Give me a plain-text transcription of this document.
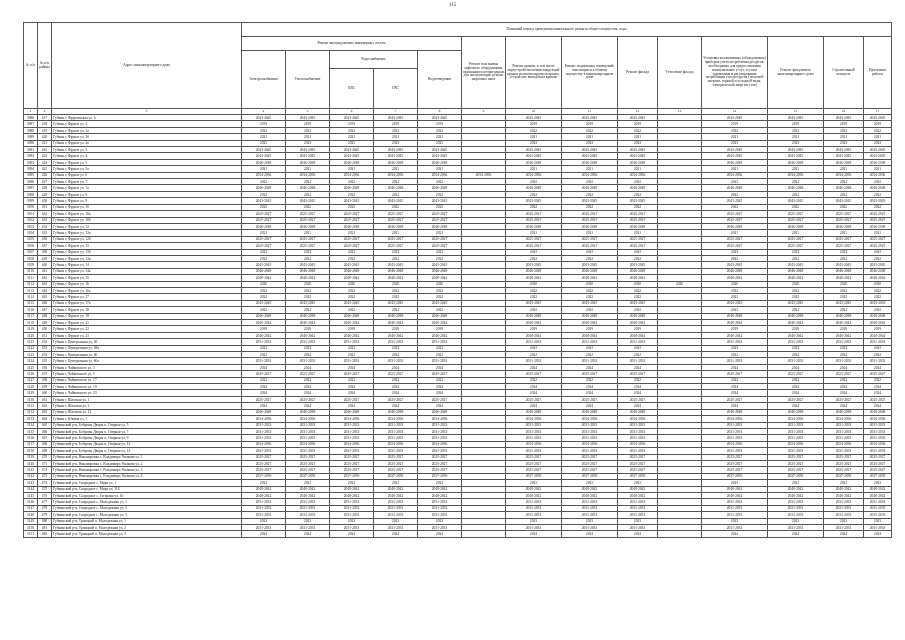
115
№ п/п	№ п/п района	Адрес многоквартирного дома	Плановый период проведения капитального ремонта общего имущества, годы													
			Ремонт внутридомовых инженерных систем					Ремонт или замена лифтового оборудования, признанного непригодным для эксплуатации, ремонт лифтовых шахт	Ремонт крыши, в том числе переустройство невентилируемой крыши на вентилируемую крышу, устройство выходов на кровлю	Ремонт подвальных помещений, относящихся к общему имуществу в многоквартирном доме	Ремонт фасада	Утепление фасада	Установка коллективных (общедомовых) приборов учета потребления ресурсов, необходимых для предоставления коммунальных услуг, и узлов управления и регулирования потребления этих ресурсов (тепловой энергии, горячей и холодной воды, электрической энергии, газа)	Ремонт фундамента многоквартирного дома	Строительный контроль	Проектные работы
			Электроснабжение	Теплоснабжение	Водоснабжение		Водоотведение									
					ХВС	ГВС										
1	2	3	4	5	6	7	8	9	10	11	12	13	14	15	16	17
3086	417	Губкин г, Фрунзенская ул, 6	2043-2045	2043-2045	2043-2045	2043-2045	2043-2045		2043-2045	2043-2045	2043-2045		2043-2045	2043-2045	2043-2045	2043-2045
3087	418	Губкин г, Фрунзе ул, 2	2019	2019	2019	2019	2019		2019	2019	2019		2019	2019	2019	2019
3088	419	Губкин г, Фрунзе ул, 2а	2022	2022	2022	2022	2022		2022	2022	2022		2022	2022	2022	2022
3089	420	Губкин г, Фрунзе ул, 2б	2021	2021	2021	2021	2021		2021	2021	2021		2021	2021	2021	2021
3090	421	Губкин г, Фрунзе ул, 2в	2023	2023	2023	2023	2023		2023	2023	2023		2023	2023	2023	2023
3091	422	Губкин г, Фрунзе ул, 3	2043-2045	2043-2045	2043-2045	2043-2045	2043-2045		2043-2045	2043-2045	2043-2045		2043-2045	2043-2045	2043-2045	2043-2045
3092	423	Губкин г, Фрунзе ул, 4	2043-2045	2043-2045	2043-2045	2043-2045	2043-2045		2043-2045	2043-2045	2043-2045		2043-2045	2043-2045	2043-2045	2043-2045
3093	424	Губкин г, Фрунзе ул, 5	2046-2048	2046-2048	2046-2048	2046-2048	2046-2048		2046-2048	2046-2048	2046-2048		2046-2048	2046-2048	2046-2048	2046-2048
3094	425	Губкин г, Фрунзе ул, 5а	2021	2021	2021	2021	2021		2021	2021	2021		2021	2021	2021	2021
3095	426	Губкин г, Фрунзе ул, 6	2034-2036	2034-2036	2034-2036	2034-2036	2034-2036	2034-2036	2034-2036	2034-2036	2034-2036		2034-2036	2034-2036	2034-2036	2034-2036
3096	427	Губкин г, Фрунзе ул, 7	2022	2022	2022	2022	2022		2022	2022	2022		2022	2022	2022	2022
3097	428	Губкин г, Фрунзе ул, 7а	2046-2048	2046-2048	2046-2048	2046-2048	2046-2048		2046-2048	2046-2048	2046-2048		2046-2048	2046-2048	2046-2048	2046-2048
3098	429	Губкин г, Фрунзе ул, 8	2022	2022	2022	2022	2022		2022	2022	2022		2022	2022	2022	2022
3099	430	Губкин г, Фрунзе ул, 9	2043-2045	2043-2045	2043-2045	2043-2045	2043-2045		2043-2045	2043-2045	2043-2045		2043-2045	2043-2045	2043-2045	2043-2045
3100	431	Губкин г, Фрунзе ул, 10	2022	2022	2022	2022	2022		2022	2022	2022		2022	2022	2022	2022
3101	432	Губкин г, Фрунзе ул, 10а	2025-2027	2025-2027	2025-2027	2025-2027	2025-2027		2025-2027	2025-2027	2025-2027		2025-2027	2025-2027	2025-2027	2025-2027
3102	433	Губкин г, Фрунзе ул, 10б	2025-2027	2025-2027	2025-2027	2025-2027	2025-2027		2025-2027	2025-2027	2025-2027		2025-2027	2025-2027	2025-2027	2025-2027
3103	434	Губкин г, Фрунзе ул, 12	2046-2048	2046-2048	2046-2048	2046-2048	2046-2048		2046-2048	2046-2048	2046-2048		2046-2048	2046-2048	2046-2048	2046-2048
3104	435	Губкин г, Фрунзе ул, 12а	2021	2021	2021	2021	2021		2021	2021	2021		2021	2021	2021	2021
3105	436	Губкин г, Фрунзе ул, 12б	2025-2027	2025-2027	2025-2027	2025-2027	2025-2027		2025-2027	2025-2027	2025-2027		2025-2027	2025-2027	2025-2027	2025-2027
3106	437	Губкин г, Фрунзе ул, 13	2025-2027	2025-2027	2025-2027	2025-2027	2025-2027		2025-2027	2025-2027	2025-2027		2025-2027	2025-2027	2025-2027	2025-2027
3107	438	Губкин г, Фрунзе ул, 13б	2023	2023	2023	2023	2023		2023	2023	2023		2023	2023	2023	2023
3108	439	Губкин г, Фрунзе ул, 13в	2022	2022	2022	2022	2022		2022	2022	2022		2022	2022	2022	2022
3109	440	Губкин г, Фрунзе ул, 14	2043-2045	2043-2045	2043-2045	2043-2045	2043-2045		2043-2045	2043-2045	2043-2045		2043-2045	2043-2045	2043-2045	2043-2045
3110	441	Губкин г, Фрунзе ул, 14а	2046-2048	2046-2048	2046-2048	2046-2048	2046-2048		2046-2048	2046-2048	2046-2048		2046-2048	2046-2048	2046-2048	2046-2048
3111	442	Губкин г, Фрунзе ул, 15	2040-2042	2040-2042	2040-2042	2040-2042	2040-2042		2040-2042	2040-2042	2040-2042		2040-2042	2040-2042	2040-2042	2040-2042
3112	443	Губкин г, Фрунзе ул, 16	2020	2020	2020	2020	2020		2020	2020	2020	2020	2020	2020	2020	2020
3113	444	Губкин г, Фрунзе ул, 16а	2022	2022	2022	2022	2022		2022	2022	2022		2022	2022	2022	2022
3114	445	Губкин г, Фрунзе ул, 17	2022	2022	2022	2022	2022		2022	2022	2022		2022	2022	2022	2022
3115	446	Губкин г, Фрунзе ул, 17а	2043-2045	2043-2045	2043-2045	2043-2045	2043-2045		2043-2045	2043-2045	2043-2045		2043-2045	2043-2045	2043-2045	2043-2045
3116	447	Губкин г, Фрунзе ул, 18	2022	2022	2022	2022	2022		2022	2022	2022		2022	2022	2022	2022
3117	448	Губкин г, Фрунзе ул, 19	2046-2048	2046-2048	2046-2048	2046-2048	2046-2048		2046-2048	2046-2048	2046-2048		2046-2048	2046-2048	2046-2048	2046-2048
3118	449	Губкин г, Фрунзе ул, 21	2040-2042	2040-2042	2040-2042	2040-2042	2040-2042		2040-2042	2040-2042	2040-2042		2040-2042	2040-2042	2040-2042	2040-2042
3119	450	Губкин г, Фрунзе ул, 22	2019	2019	2019	2019	2019		2019	2019	2019		2019	2019	2019	2019
3120	451	Губкин г, Фрунзе ул, 23	2040-2042	2040-2042	2040-2042	2040-2042	2040-2042		2040-2042	2040-2042	2040-2042		2040-2042	2040-2042	2040-2042	2040-2042
3121	452	Губкин г, Центральная ул, 56	2031-2033	2031-2033	2031-2033	2031-2033	2031-2033		2031-2033	2031-2033	2031-2033		2031-2033	2031-2033	2031-2033	2031-2033
3122	453	Губкин г, Центральная ул, 58а	2023	2023	2023	2023	2023		2023	2023	2023		2023	2023	2023	2023
3123	454	Губкин г, Центральная ул, 60	2022	2022	2022	2022	2022		2022	2022	2022		2022	2022	2022	2022
3124	455	Губкин г, Центральная ул, 60а	2031-2033	2031-2033	2031-2033	2031-2033	2031-2033		2031-2033	2031-2033	2031-2033		2031-2033	2031-2033	2031-2033	2031-2033
3125	456	Губкин г, Чайковского ул, 3	2024	2024	2024	2024	2024		2024	2024	2024		2024	2024	2024	2024
3126	457	Губкин г, Чайковского ул, 5	2025-2027	2025-2027	2025-2027	2025-2027	2025-2027		2025-2027	2025-2027	2025-2027		2025-2027	2025-2027	2025-2027	2025-2027
3127	458	Губкин г, Чайковского ул, 17	2022	2022	2022	2022	2022		2022	2022	2022		2022	2022	2022	2022
3128	459	Губкин г, Чайковского ул, 19	2024	2024	2024	2024	2024		2024	2024	2024		2024	2024	2024	2024
3129	460	Губкин г, Чайковского ул, 23	2024	2024	2024	2024	2024		2024	2024	2024		2024	2024	2024	2024
3130	461	Губкин г, Шахтная ул, 1	2025-2027	2025-2027	2025-2027	2025-2027	2025-2027		2025-2027	2025-2027	2025-2027		2025-2027	2025-2027	2025-2027	2025-2027
3131	462	Губкин г, Шахтная ул, 2	2024	2024	2024	2024	2024		2024	2024	2024		2024	2024	2024	2024
3132	463	Губкин г, Шахтная ул, 12	2046-2048	2046-2048	2046-2048	2046-2048	2046-2048		2046-2048	2046-2048	2046-2048		2046-2048	2046-2048	2046-2048	2046-2048
3133	464	Губкин г, Южная ул, 1	2034-2036	2034-2036	2034-2036	2034-2036	2034-2036		2034-2036	2034-2036	2034-2036		2034-2036	2034-2036	2034-2036	2034-2036
3134	465	Губкинский р-н, Бобровы Дворы п, Озерная ул, 5	2031-2033	2031-2033	2031-2033	2031-2033	2031-2033		2031-2033	2031-2033	2031-2033		2031-2033	2031-2033	2031-2033	2031-2033
3135	466	Губкинский р-н, Бобровы Дворы п, Озерная ул, 7	2031-2033	2031-2033	2031-2033	2031-2033	2031-2033		2031-2033	2031-2033	2031-2033		2031-2033	2031-2033	2031-2033	2031-2033
3136	467	Губкинский р-н, Бобровы Дворы п, Озерная ул, 9	2031-2033	2031-2033	2031-2033	2031-2033	2031-2033		2031-2033	2031-2033	2031-2033		2031-2033	2031-2033	2031-2033	2031-2033
3137	468	Губкинский р-н, Бобровы Дворы п, Озерная ул, 12	2034-2036	2034-2036	2034-2036	2034-2036	2034-2036		2034-2036	2034-2036	2034-2036		2034-2036	2034-2036	2034-2036	2034-2036
3138	469	Губкинский р-н, Бобровы Дворы п, Озерная ул, 14	2031-2033	2031-2033	2031-2033	2031-2033	2031-2033		2031-2033	2031-2033	2031-2033		2031-2033	2031-2033	2031-2033	2031-2033
3139	470	Губкинский р-н, Никаноровка с, Владимира Ушакова ул, 1	2025-2027	2025-2027	2025-2027	2025-2027	2025-2027		2025-2027	2025-2027	2025-2027		2025-2027	2025-2027	2025-2027	2025-2027
3140	471	Губкинский р-н, Никаноровка с, Владимира Ушакова ул, 2	2025-2027	2025-2027	2025-2027	2025-2027	2025-2027		2025-2027	2025-2027	2025-2027		2025-2027	2025-2027	2025-2027	2025-2027
3141	472	Губкинский р-н, Никаноровка с, Владимира Ушакова ул, 3	2025-2027	2025-2027	2025-2027	2025-2027	2025-2027		2025-2027	2025-2027	2025-2027		2025-2027	2025-2027	2025-2027	2025-2027
3142	473	Губкинский р-н, Никаноровка с, Владимира Ушакова ул, 4	2037-2039	2037-2039	2037-2039	2037-2039	2037-2039		2037-2039	2037-2039	2037-2039		2037-2039	2037-2039	2037-2039	2037-2039
3143	474	Губкинский р-н, Скородное с, Мира ул, 1	2023	2023	2023	2023	2023		2023	2023	2023		2023	2023	2023	2023
3144	475	Губкинский р-н, Скородное с, Мира ул, 11Б	2040-2042	2040-2042	2040-2042	2040-2042	2040-2042		2040-2042	2040-2042	2040-2042		2040-2042	2040-2042	2040-2042	2040-2042
3145	476	Губкинский р-н, Скородное с, Гагарина ул, 16	2040-2042	2040-2042	2040-2042	2040-2042	2040-2042		2040-2042	2040-2042	2040-2042		2040-2042	2040-2042	2040-2042	2040-2042
3146	477	Губкинский р-н, Скородное с, Молодежная ул, 1	2031-2033	2031-2033	2031-2033	2031-2033	2031-2033		2031-2033	2031-2033	2031-2033		2031-2033	2031-2033	2031-2033	2031-2033
3147	478	Губкинский р-н, Скородное с, Молодежная ул, 2	2031-2033	2031-2033	2031-2033	2031-2033	2031-2033		2031-2033	2031-2033	2031-2033		2031-2033	2031-2033	2031-2033	2031-2033
3148	479	Губкинский р-н, Скородное с, Молодежная ул, 3	2031-2033	2031-2033	2031-2033	2031-2033	2031-2033		2031-2033	2031-2033	2031-2033		2031-2033	2031-2033	2031-2033	2031-2033
3149	480	Губкинский р-н, Троицкий п, Молодежная ул, 1	2023	2023	2023	2023	2023		2023	2023	2023		2023	2023	2023	2023
3150	481	Губкинский р-н, Троицкий п, Молодежная ул, 2	2031-2033	2031-2033	2031-2033	2031-2033	2031-2033		2031-2033	2031-2033	2031-2033		2031-2033	2031-2033	2031-2033	2031-2033
3151	482	Губкинский р-н, Троицкий п, Молодежная ул, 3	2024	2024	2024	2024	2024		2024	2024	2024		2024	2024	2024	2024
